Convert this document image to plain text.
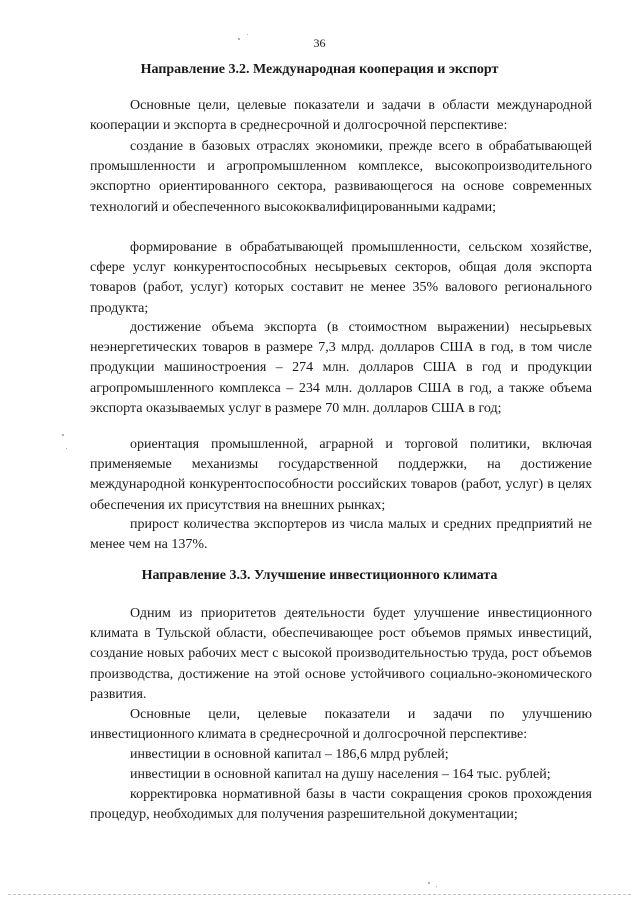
36
Направление 3.2. Международная кооперация и экспорт

Основные цели, целевые показатели и задачи в области международной кооперации и экспорта в среднесрочной и долгосрочной перспективе:

создание в базовых отраслях экономики, прежде всего в обрабатывающей промышленности и агропромышленном комплексе, высокопроизводительного экспортно ориентированного сектора, развивающегося на основе современных технологий и обеспеченного высококвалифицированными кадрами;

формирование в обрабатывающей промышленности, сельском хозяйстве, сфере услуг конкурентоспособных несырьевых секторов, общая доля экспорта товаров (работ, услуг) которых составит не менее 35% валового регионального продукта;

достижение объема экспорта (в стоимостном выражении) несырьевых неэнергетических товаров в размере 7,3 млрд. долларов США в год, в том числе продукции машиностроения – 274 млн. долларов США в год и продукции агропромышленного комплекса – 234 млн. долларов США в год, а также объема экспорта оказываемых услуг в размере 70 млн. долларов США в год;

ориентация промышленной, аграрной и торговой политики, включая применяемые механизмы государственной поддержки, на достижение международной конкурентоспособности российских товаров (работ, услуг) в целях обеспечения их присутствия на внешних рынках;

прирост количества экспортеров из числа малых и средних предприятий не менее чем на 137%.

Направление 3.3. Улучшение инвестиционного климата

Одним из приоритетов деятельности будет улучшение инвестиционного климата в Тульской области, обеспечивающее рост объемов прямых инвестиций, создание новых рабочих мест с высокой производительностью труда, рост объемов производства, достижение на этой основе устойчивого социально-экономического развития.

Основные цели, целевые показатели и задачи по улучшению инвестиционного климата в среднесрочной и долгосрочной перспективе:

инвестиции в основной капитал – 186,6 млрд рублей;

инвестиции в основной капитал на душу населения – 164 тыс. рублей;

корректировка нормативной базы в части сокращения сроков прохождения процедур, необходимых для получения разрешительной документации;
